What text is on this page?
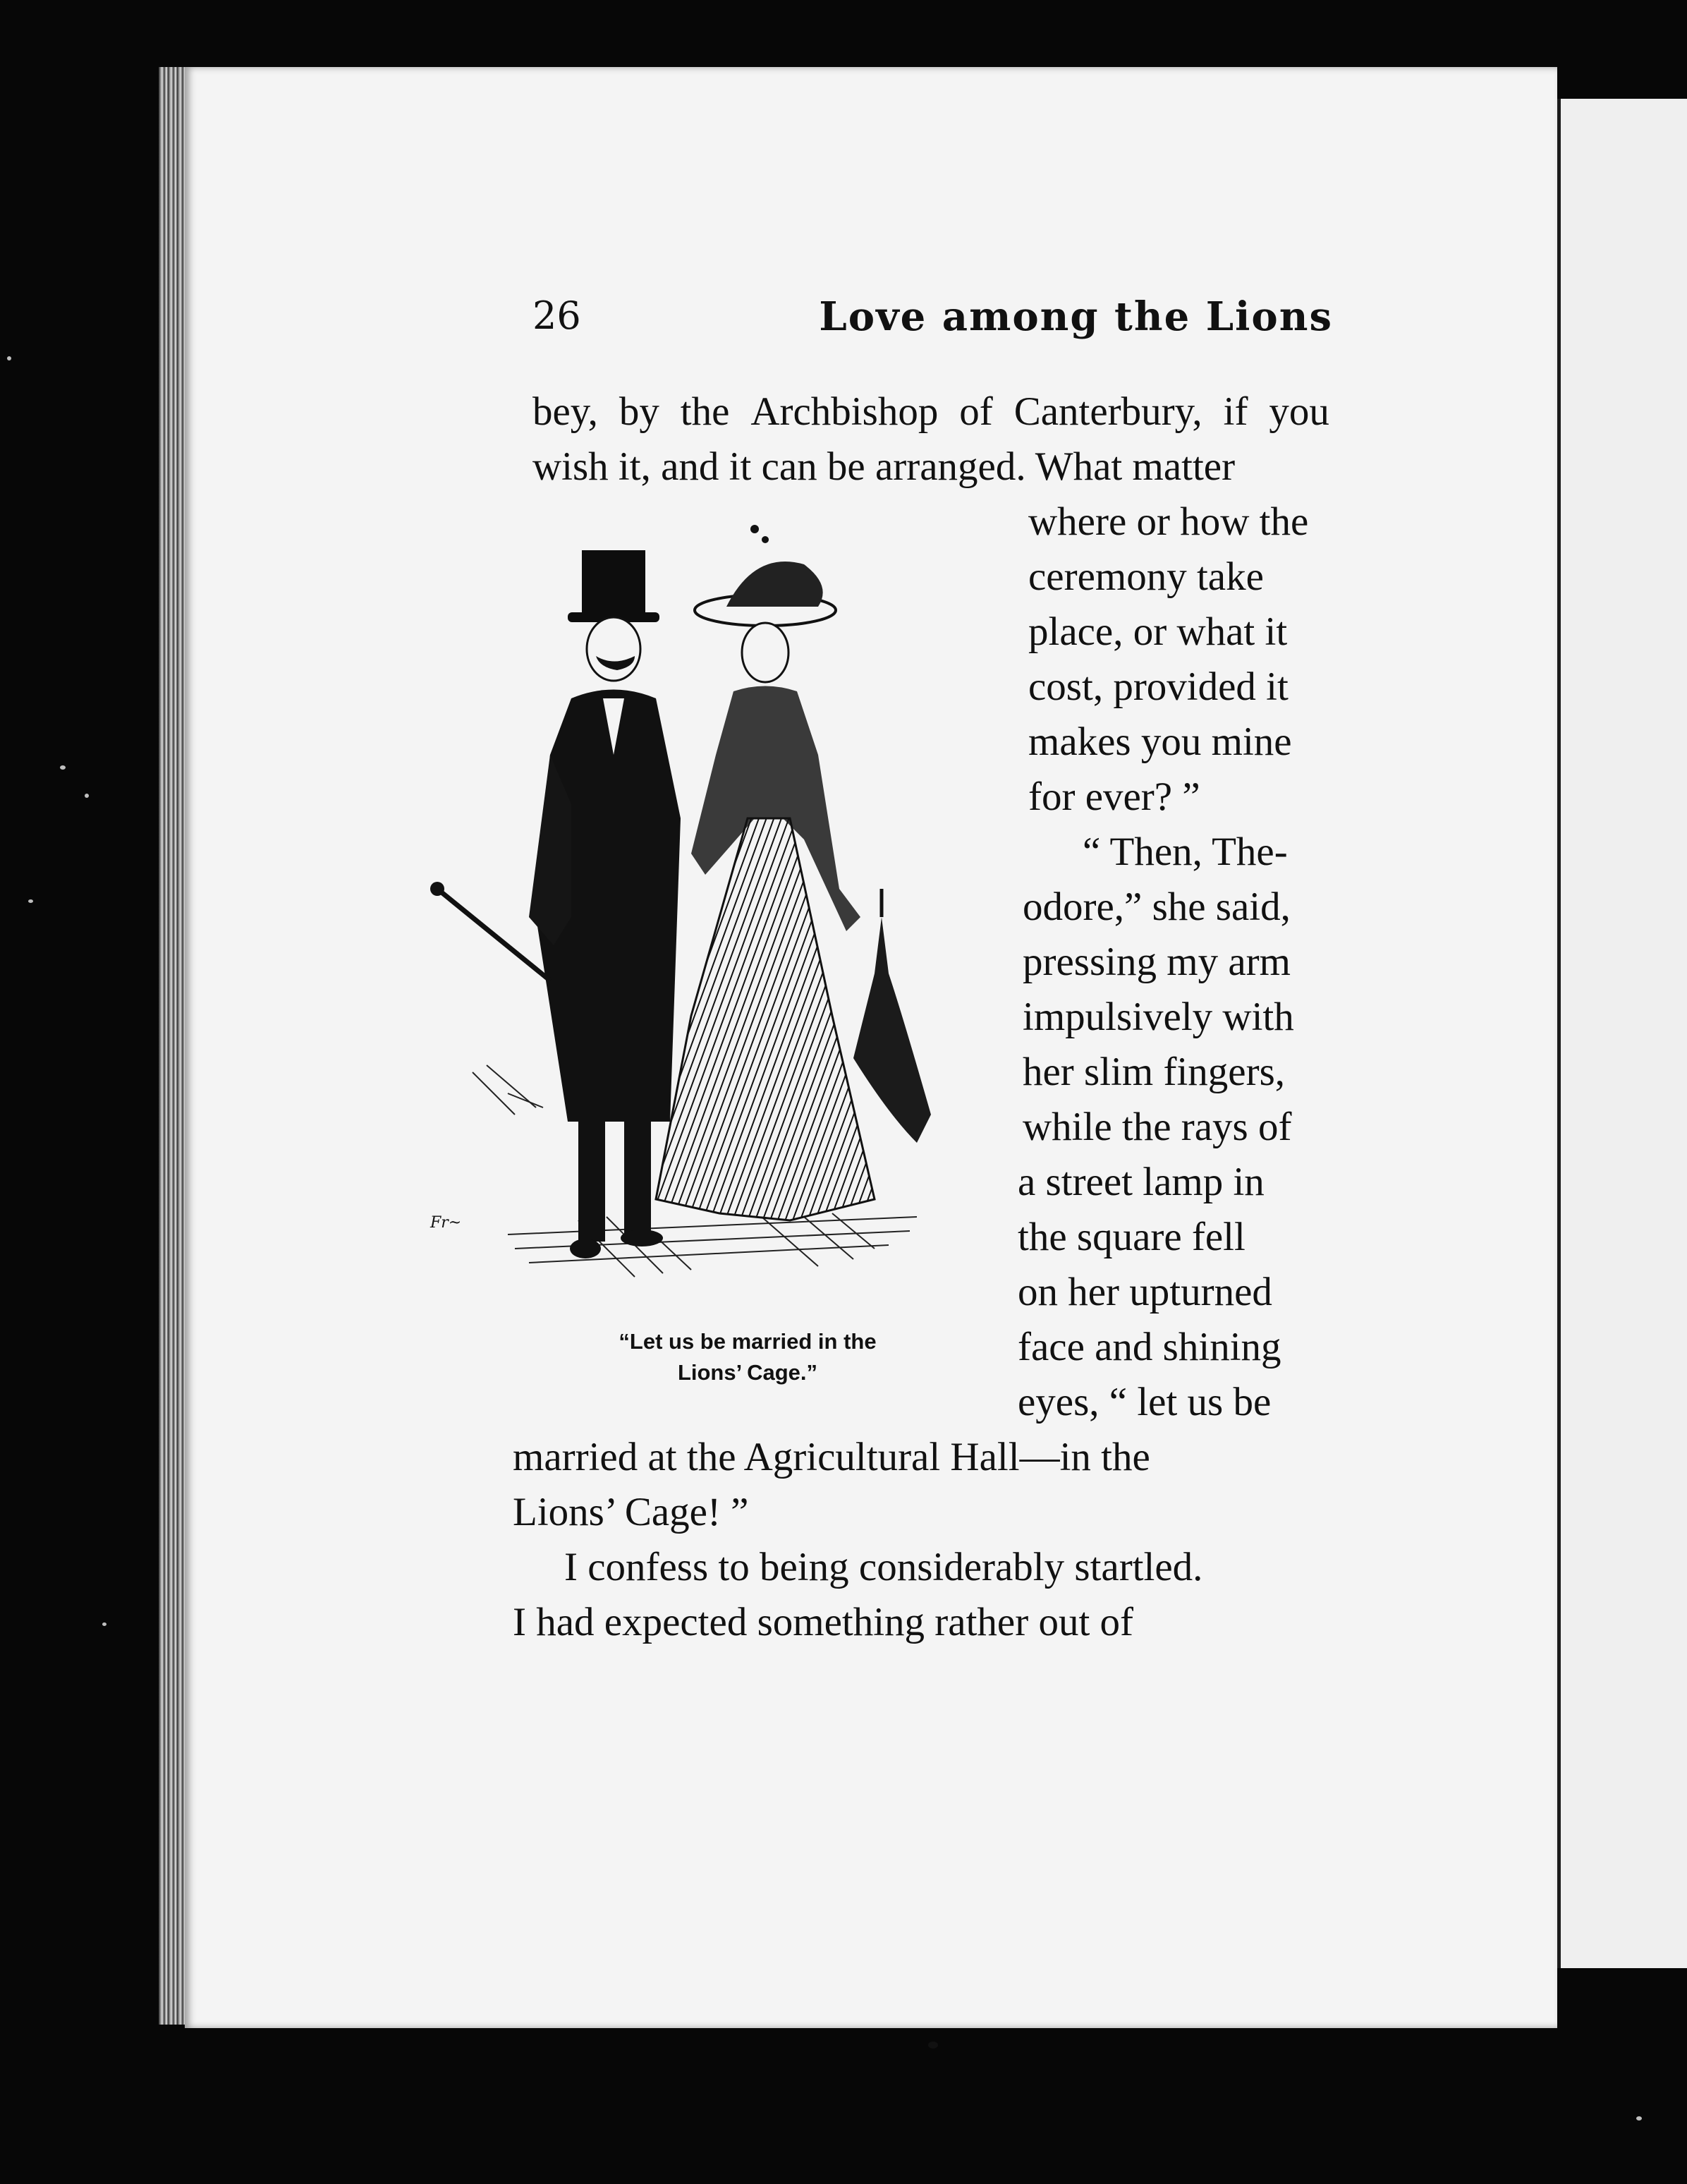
26	Love among the Lions
bey, by the Archbishop of Canterbury, if you
wish it, and it can be arranged. What matter
where or how the
ceremony take
place, or what it
cost, provided it
makes you mine
for ever? ”
“ Then, The-
odore,” she said,
pressing my arm
impulsively with
her slim fingers,
while the rays of
a street lamp in
the square fell
on her upturned
face and shining
eyes, “ let us be
married at the Agricultural Hall—in the
Lions’ Cage! ”
I confess to being considerably startled.
I had expected something rather out of
Fr~
“Let us be married in the
Lions’ Cage.”
